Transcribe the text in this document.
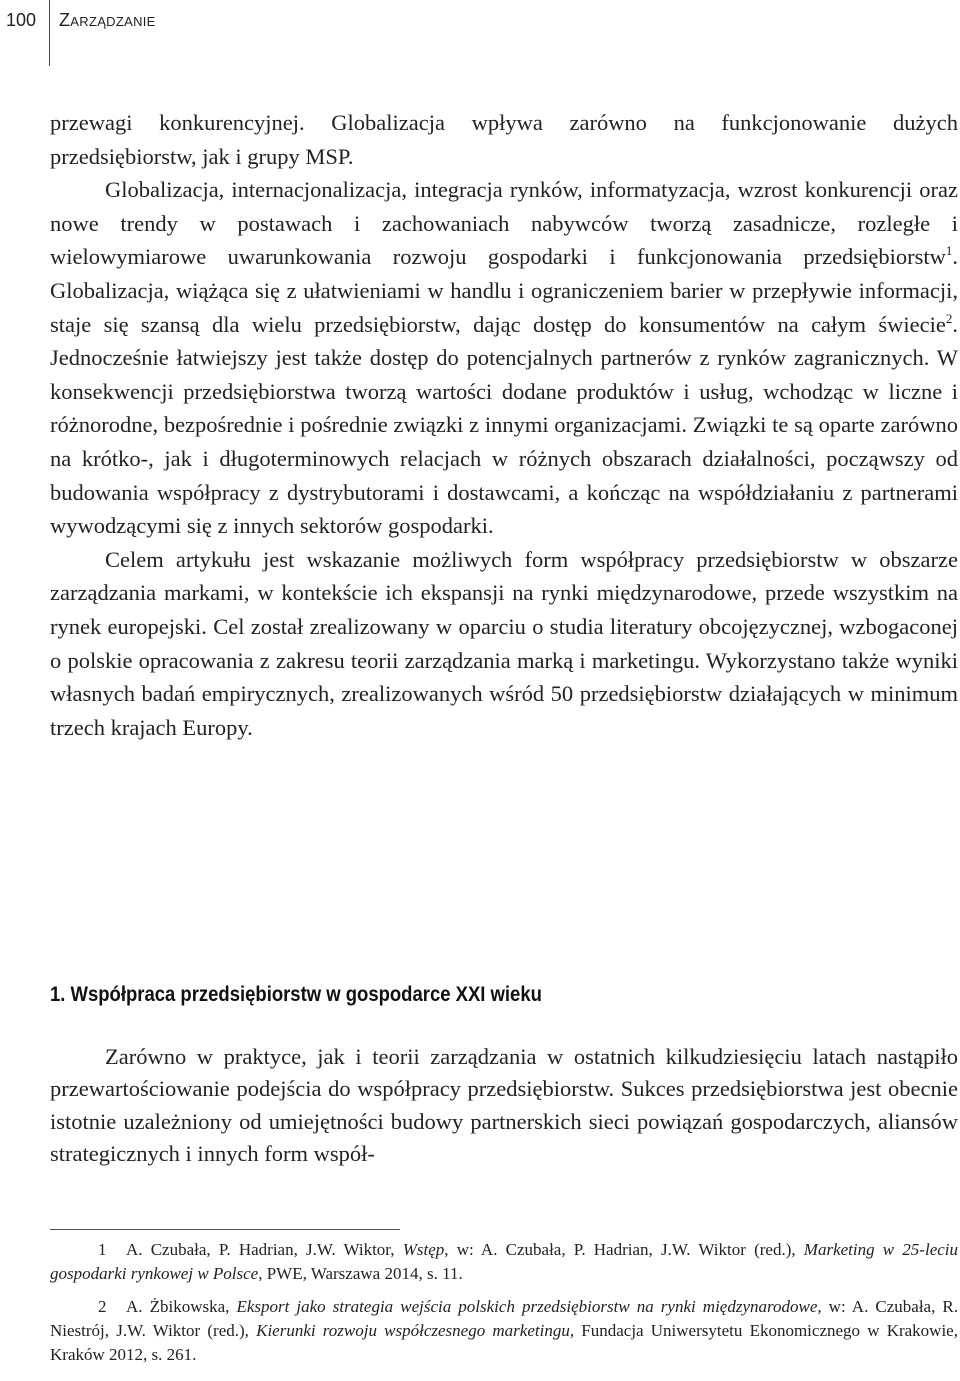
100 Zarządzanie

przewagi konkurencyjnej. Globalizacja wpływa zarówno na funkcjonowanie dużych przedsiębiorstw, jak i grupy MSP.

Globalizacja, internacjonalizacja, integracja rynków, informatyzacja, wzrost konkurencji oraz nowe trendy w postawach i zachowaniach nabywców tworzą zasadnicze, rozległe i wielowymiarowe uwarunkowania rozwoju gospodarki i funkcjonowania przedsiębiorstw$^1$. Globalizacja, wiążąca się z ułatwieniami w handlu i ograniczeniem barier w przepływie informacji, staje się szansą dla wielu przedsiębiorstw, dając dostęp do konsumentów na całym świecie$^2$. Jednocześnie łatwiejszy jest także dostęp do potencjalnych partnerów z rynków zagranicznych. W konsekwencji przedsiębiorstwa tworzą wartości dodane produktów i usług, wchodząc w liczne i różnorodne, bezpośrednie i pośrednie związki z innymi organizacjami. Związki te są oparte zarówno na krótko-, jak i długoterminowych relacjach w różnych obszarach działalności, począwszy od budowania współpracy z dystrybutorami i dostawcami, a kończąc na współdziałaniu z partnerami wywodzącymi się z innych sektorów gospodarki.

Celem artykułu jest wskazanie możliwych form współpracy przedsiębiorstw w obszarze zarządzania markami, w kontekście ich ekspansji na rynki międzynarodowe, przede wszystkim na rynek europejski. Cel został zrealizowany w oparciu o studia literatury obcojęzycznej, wzbogaconej o polskie opracowania z zakresu teorii zarządzania marką i marketingu. Wykorzystano także wyniki własnych badań empirycznych, zrealizowanych wśród 50 przedsiębiorstw działających w minimum trzech krajach Europy.

1. Współpraca przedsiębiorstw w gospodarce XXI wieku

Zarówno w praktyce, jak i teorii zarządzania w ostatnich kilkudziesięciu latach nastąpiło przewartościowanie podejścia do współpracy przedsiębiorstw. Sukces przedsiębiorstwa jest obecnie istotnie uzależniony od umiejętności budowy partnerskich sieci powiązań gospodarczych, aliansów strategicznych i innych form współ-

1 A. Czubała, P. Hadrian, J.W. Wiktor, Wstęp, w: A. Czubała, P. Hadrian, J.W. Wiktor (red.), Marketing w 25-leciu gospodarki rynkowej w Polsce, PWE, Warszawa 2014, s. 11.

2 A. Żbikowska, Eksport jako strategia wejścia polskich przedsiębiorstw na rynki międzynarodowe, w: A. Czubała, R. Niestrój, J.W. Wiktor (red.), Kierunki rozwoju współczesnego marketingu, Fundacja Uniwersytetu Ekonomicznego w Krakowie, Kraków 2012, s. 261.
